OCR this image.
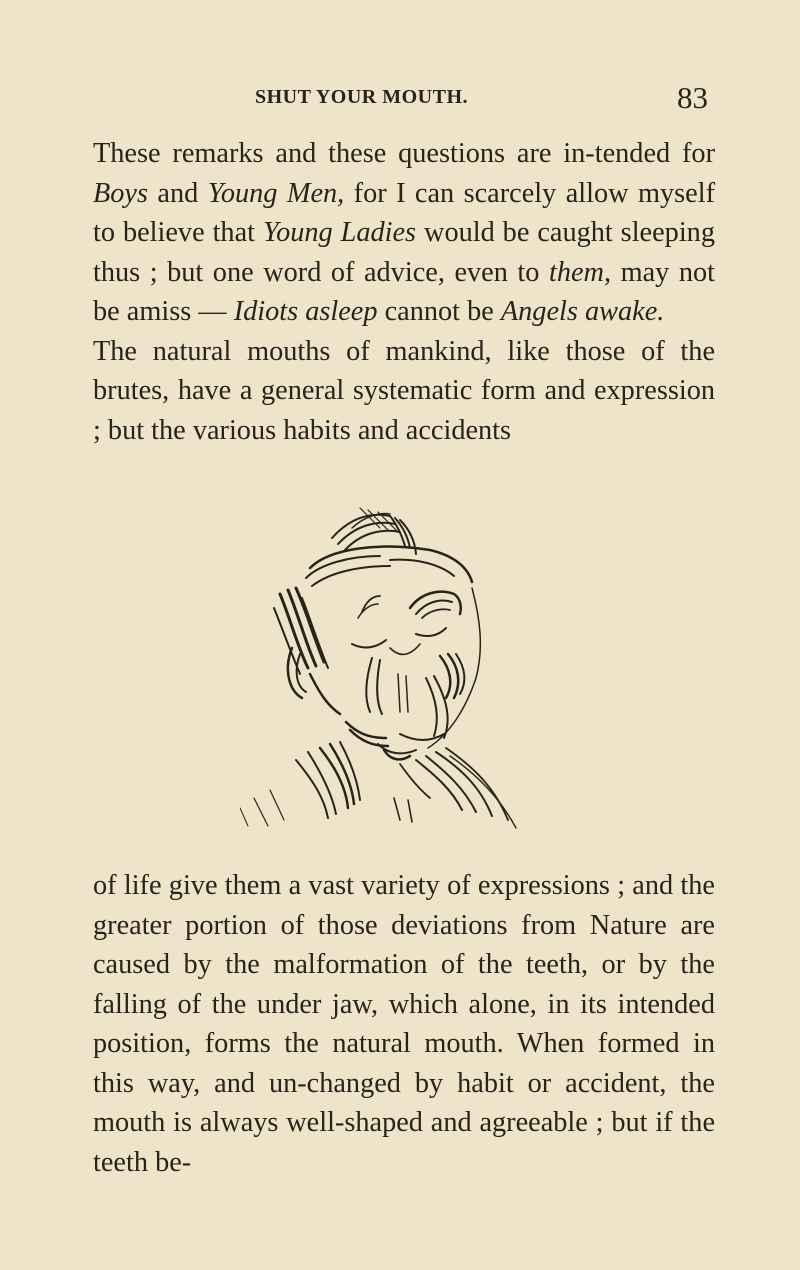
SHUT YOUR MOUTH.	83

These remarks and these questions are in-tended for Boys and Young Men, for I can scarcely allow myself to believe that Young Ladies would be caught sleeping thus ; but one word of advice, even to them, may not be amiss — Idiots asleep cannot be Angels awake.

The natural mouths of mankind, like those of the brutes, have a general systematic form and expression ; but the various habits and accidents

of life give them a vast variety of expressions ; and the greater portion of those deviations from Nature are caused by the malformation of the teeth, or by the falling of the under jaw, which alone, in its intended position, forms the natural mouth. When formed in this way, and un-changed by habit or accident, the mouth is always well-shaped and agreeable ; but if the teeth be-
